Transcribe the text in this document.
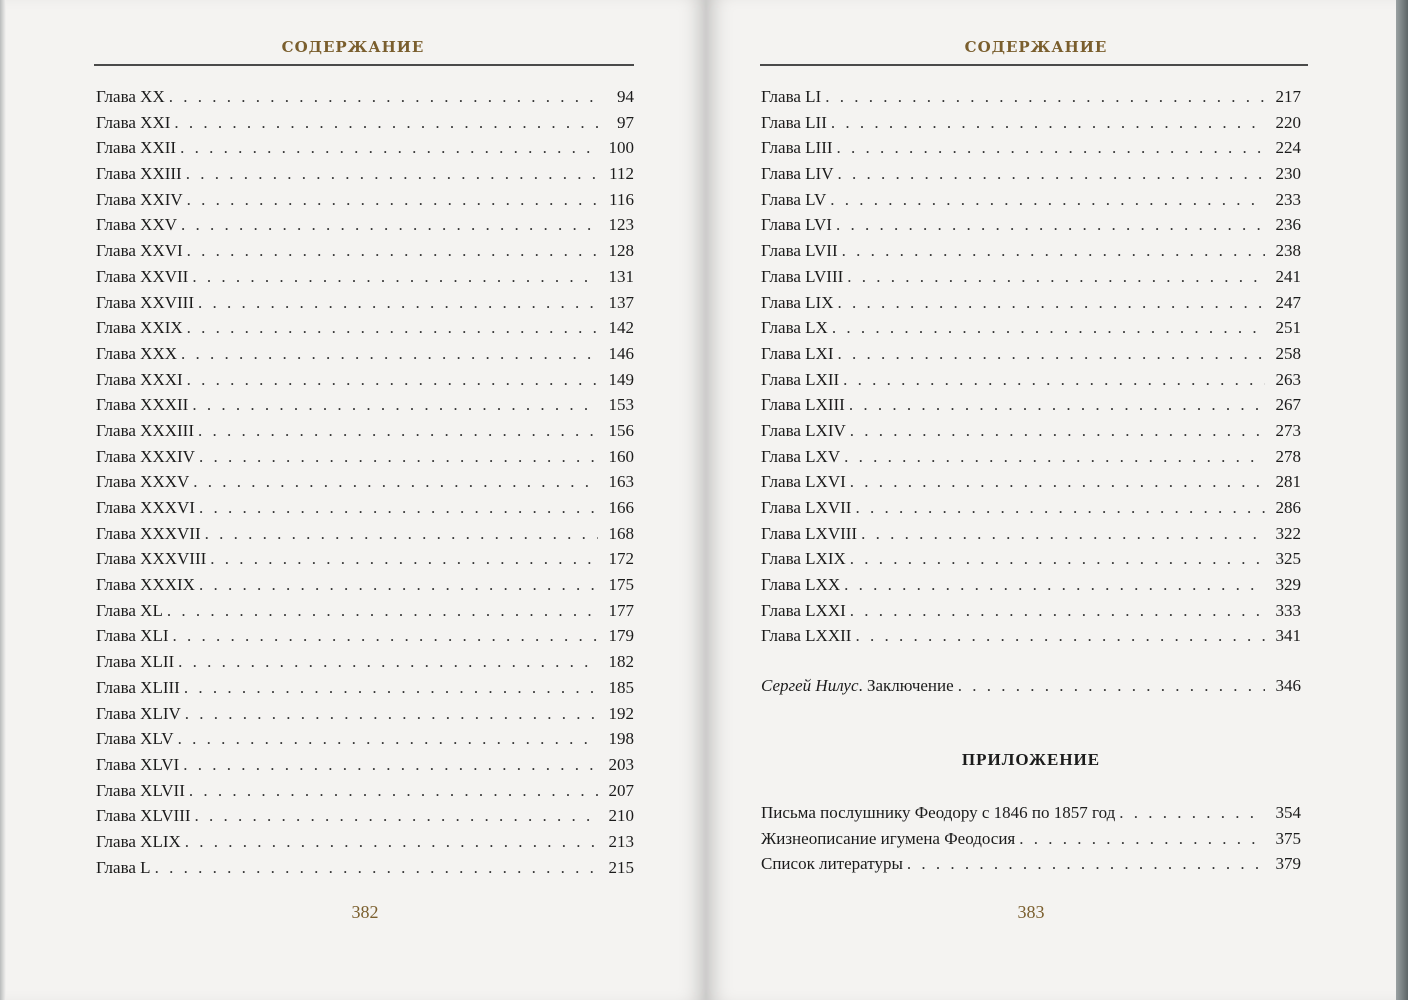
СОДЕРЖАНИЕ
Глава XX . . .	94
Глава XXI . . .	97
Глава XXII . . .	100
Глава XXIII . . .	112
Глава XXIV . . .	116
Глава XXV . . .	123
Глава XXVI . . .	128
Глава XXVII . . .	131
Глава XXVIII . . .	137
Глава XXIX . . .	142
Глава XXX . . .	146
Глава XXXI . . .	149
Глава XXXII . . .	153
Глава XXXIII . . .	156
Глава XXXIV . . .	160
Глава XXXV . . .	163
Глава XXXVI . . .	166
Глава XXXVII . . .	168
Глава XXXVIII . . .	172
Глава XXXIX . . .	175
Глава XL . . .	177
Глава XLI . . .	179
Глава XLII . . .	182
Глава XLIII . . .	185
Глава XLIV . . .	192
Глава XLV . . .	198
Глава XLVI . . .	203
Глава XLVII . . .	207
Глава XLVIII . . .	210
Глава XLIX . . .	213
Глава L . . .	215
382
СОДЕРЖАНИЕ
Глава LI . . .	217
Глава LII . . .	220
Глава LIII . . .	224
Глава LIV . . .	230
Глава LV . . .	233
Глава LVI . . .	236
Глава LVII . . .	238
Глава LVIII . . .	241
Глава LIX . . .	247
Глава LX . . .	251
Глава LXI . . .	258
Глава LXII . . .	263
Глава LXIII . . .	267
Глава LXIV . . .	273
Глава LXV . . .	278
Глава LXVI . . .	281
Глава LXVII . . .	286
Глава LXVIII . . .	322
Глава LXIX . . .	325
Глава LXX . . .	329
Глава LXXI . . .	333
Глава LXXII . . .	341
Сергей Нилус. Заключение . . .	346
ПРИЛОЖЕНИЕ
Письма послушнику Феодору с 1846 по 1857 год . . .	354
Жизнеописание игумена Феодосия . . .	375
Список литературы . . .	379
383
